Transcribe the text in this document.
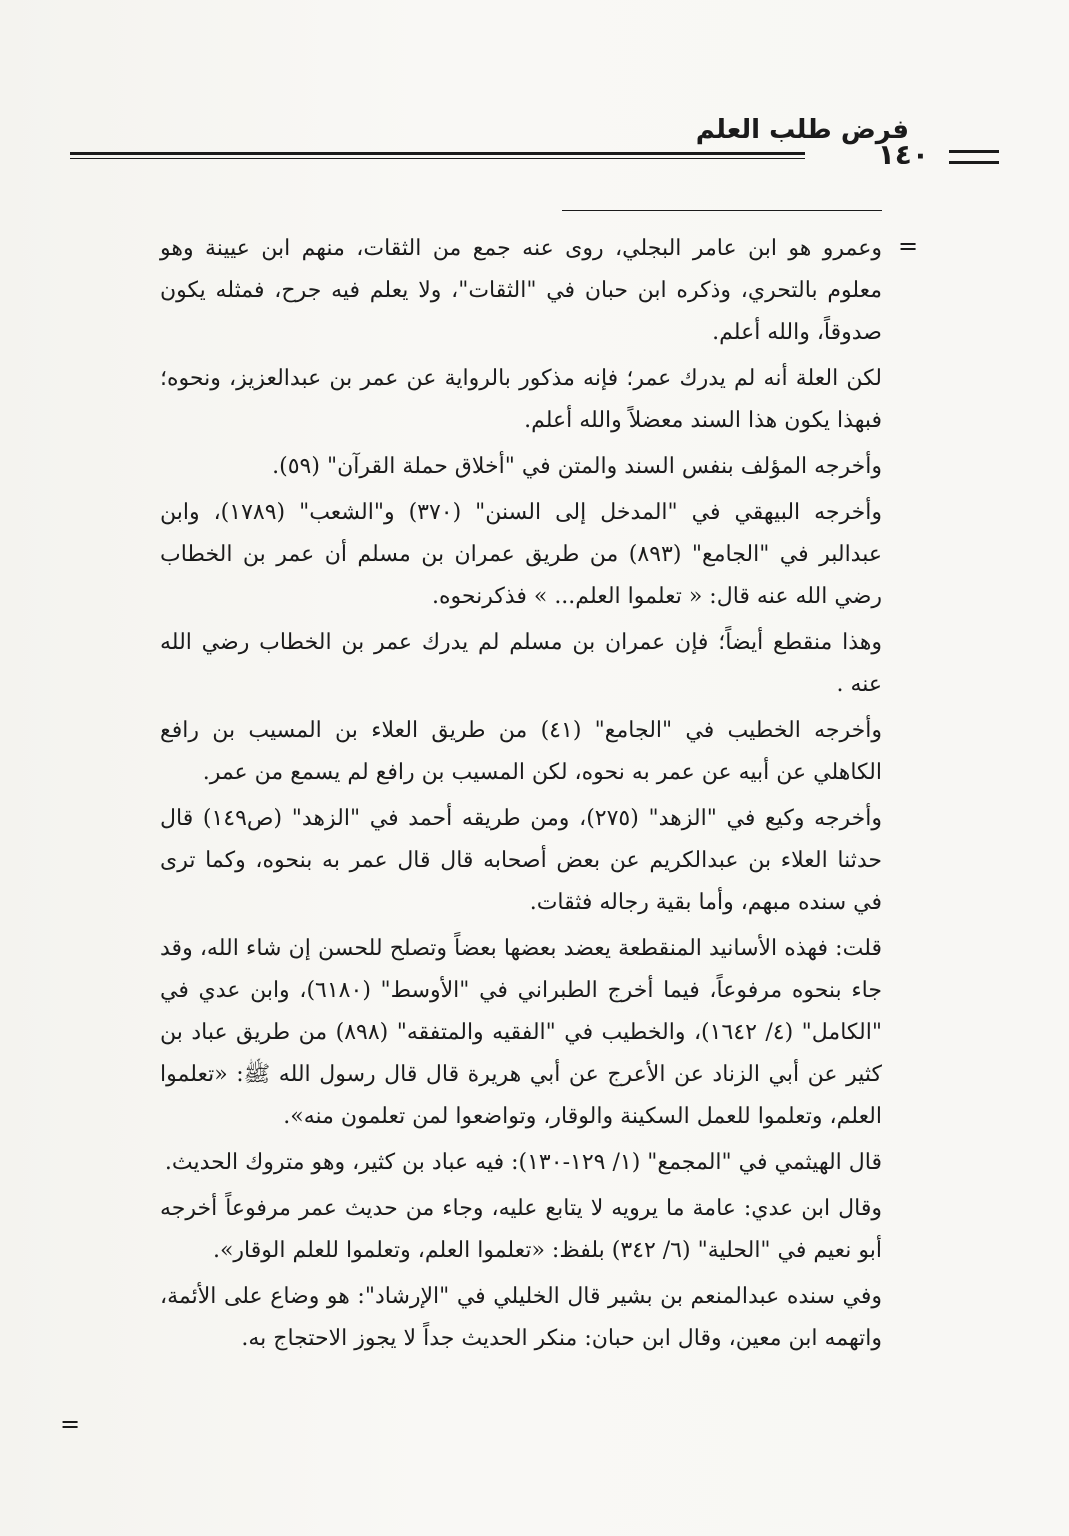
فرض طلب العلم
١٤٠
=

وعمرو هو ابن عامر البجلي، روى عنه جمع من الثقات، منهم ابن عيينة وهو معلوم بالتحري، وذكره ابن حبان في "الثقات"، ولا يعلم فيه جرح، فمثله يكون صدوقاً، والله أعلم.

لكن العلة أنه لم يدرك عمر؛ فإنه مذكور بالرواية عن عمر بن عبدالعزيز، ونحوه؛ فبهذا يكون هذا السند معضلاً والله أعلم.

وأخرجه المؤلف بنفس السند والمتن في "أخلاق حملة القرآن" (٥٩).

وأخرجه البيهقي في "المدخل إلى السنن" (٣٧٠) و"الشعب" (١٧٨٩)، وابن عبدالبر في "الجامع" (٨٩٣) من طريق عمران بن مسلم أن عمر بن الخطاب رضي الله عنه قال: « تعلموا العلم... » فذكرنحوه.

وهذا منقطع أيضاً؛ فإن عمران بن مسلم لم يدرك عمر بن الخطاب رضي الله عنه .

وأخرجه الخطيب في "الجامع" (٤١) من طريق العلاء بن المسيب بن رافع الكاهلي عن أبيه عن عمر به نحوه، لكن المسيب بن رافع لم يسمع من عمر.

وأخرجه وكيع في "الزهد" (٢٧٥)، ومن طريقه أحمد في "الزهد" (ص١٤٩) قال حدثنا العلاء بن عبدالكريم عن بعض أصحابه قال قال عمر به بنحوه، وكما ترى في سنده مبهم، وأما بقية رجاله فثقات.

قلت: فهذه الأسانيد المنقطعة يعضد بعضها بعضاً وتصلح للحسن إن شاء الله، وقد جاء بنحوه مرفوعاً، فيما أخرج الطبراني في "الأوسط" (٦١٨٠)، وابن عدي في "الكامل" (٤/ ١٦٤٢)، والخطيب في "الفقيه والمتفقه" (٨٩٨) من طريق عباد بن كثير عن أبي الزناد عن الأعرج عن أبي هريرة قال قال رسول الله ﷺ: «تعلموا العلم، وتعلموا للعمل السكينة والوقار، وتواضعوا لمن تعلمون منه».

قال الهيثمي في "المجمع" (١/ ١٢٩-١٣٠): فيه عباد بن كثير، وهو متروك الحديث.

وقال ابن عدي: عامة ما يرويه لا يتابع عليه، وجاء من حديث عمر مرفوعاً أخرجه أبو نعيم في "الحلية" (٦/ ٣٤٢) بلفظ: «تعلموا العلم، وتعلموا للعلم الوقار».

وفي سنده عبدالمنعم بن بشير قال الخليلي في "الإرشاد": هو وضاع على الأئمة، واتهمه ابن معين، وقال ابن حبان: منكر الحديث جداً لا يجوز الاحتجاج به.

=
